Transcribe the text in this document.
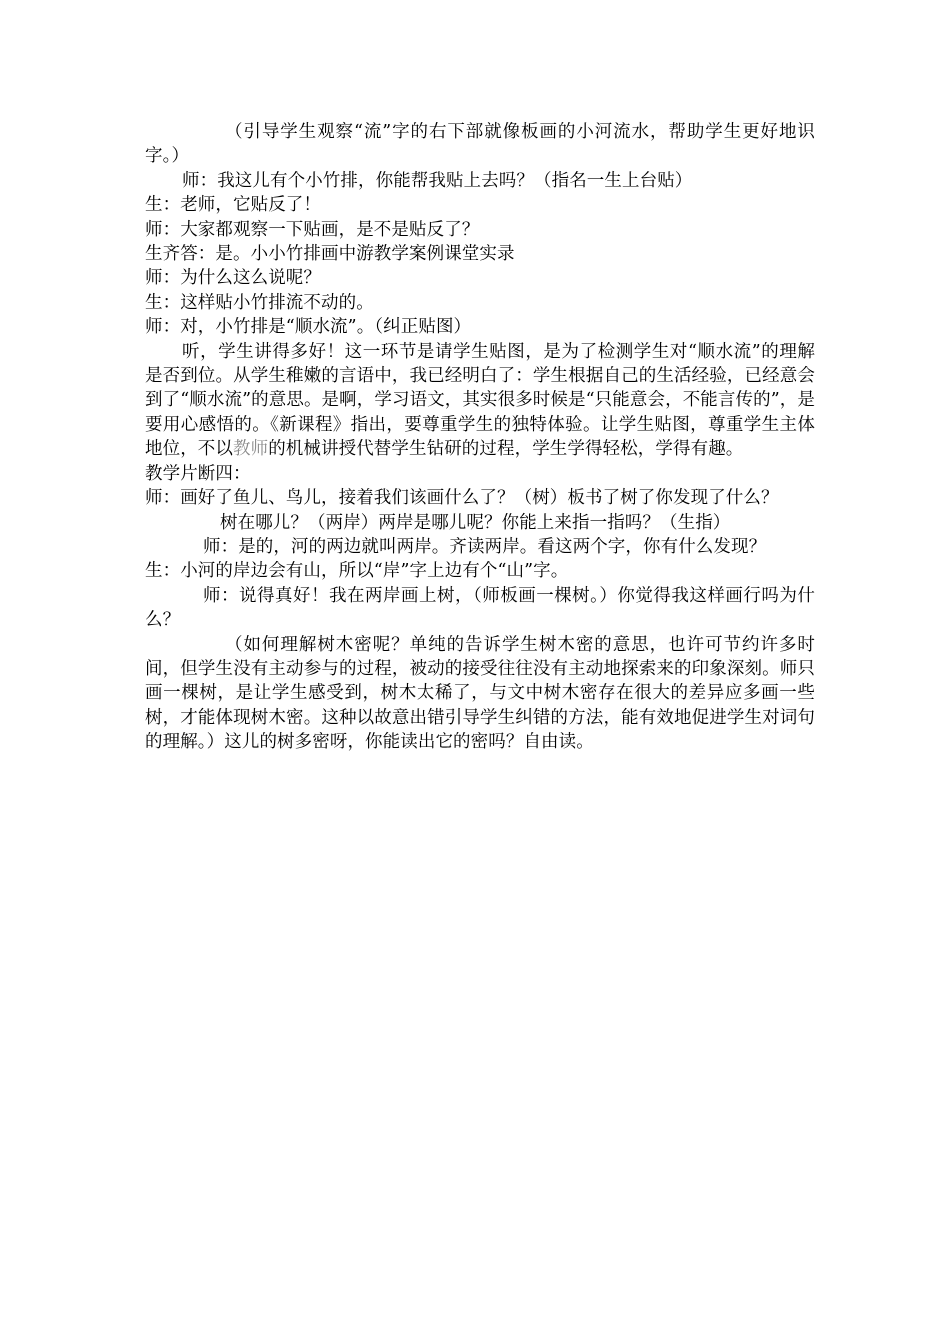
（引导学生观察“流”字的右下部就像板画的小河流水，帮助学生更好地识字。）

师：我这儿有个小竹排，你能帮我贴上去吗？（指名一生上台贴）

生：老师，它贴反了！

师：大家都观察一下贴画，是不是贴反了？

生齐答：是。小小竹排画中游教学案例课堂实录

师：为什么这么说呢？

生：这样贴小竹排流不动的。

师：对，小竹排是“顺水流”。（纠正贴图）

听，学生讲得多好！这一环节是请学生贴图，是为了检测学生对“顺水流”的理解是否到位。从学生稚嫩的言语中，我已经明白了：学生根据自己的生活经验，已经意会到了“顺水流”的意思。是啊，学习语文，其实很多时候是“只能意会，不能言传的”，是要用心感悟的。《新课程》指出，要尊重学生的独特体验。让学生贴图，尊重学生主体地位，不以教师的机械讲授代替学生钻研的过程，学生学得轻松，学得有趣。

教学片断四：

师：画好了鱼儿、鸟儿，接着我们该画什么了？（树）板书了树了你发现了什么？

树在哪儿？（两岸）两岸是哪儿呢？你能上来指一指吗？（生指）

师：是的，河的两边就叫两岸。齐读两岸。看这两个字，你有什么发现？

生：小河的岸边会有山，所以“岸”字上边有个“山”字。

师：说得真好！我在两岸画上树，（师板画一棵树。）你觉得我这样画行吗为什么？

（如何理解树木密呢？单纯的告诉学生树木密的意思，也许可节约许多时间，但学生没有主动参与的过程，被动的接受往往没有主动地探索来的印象深刻。师只画一棵树，是让学生感受到，树木太稀了，与文中树木密存在很大的差异应多画一些树，才能体现树木密。这种以故意出错引导学生纠错的方法，能有效地促进学生对词句的理解。）这儿的树多密呀，你能读出它的密吗？自由读。
